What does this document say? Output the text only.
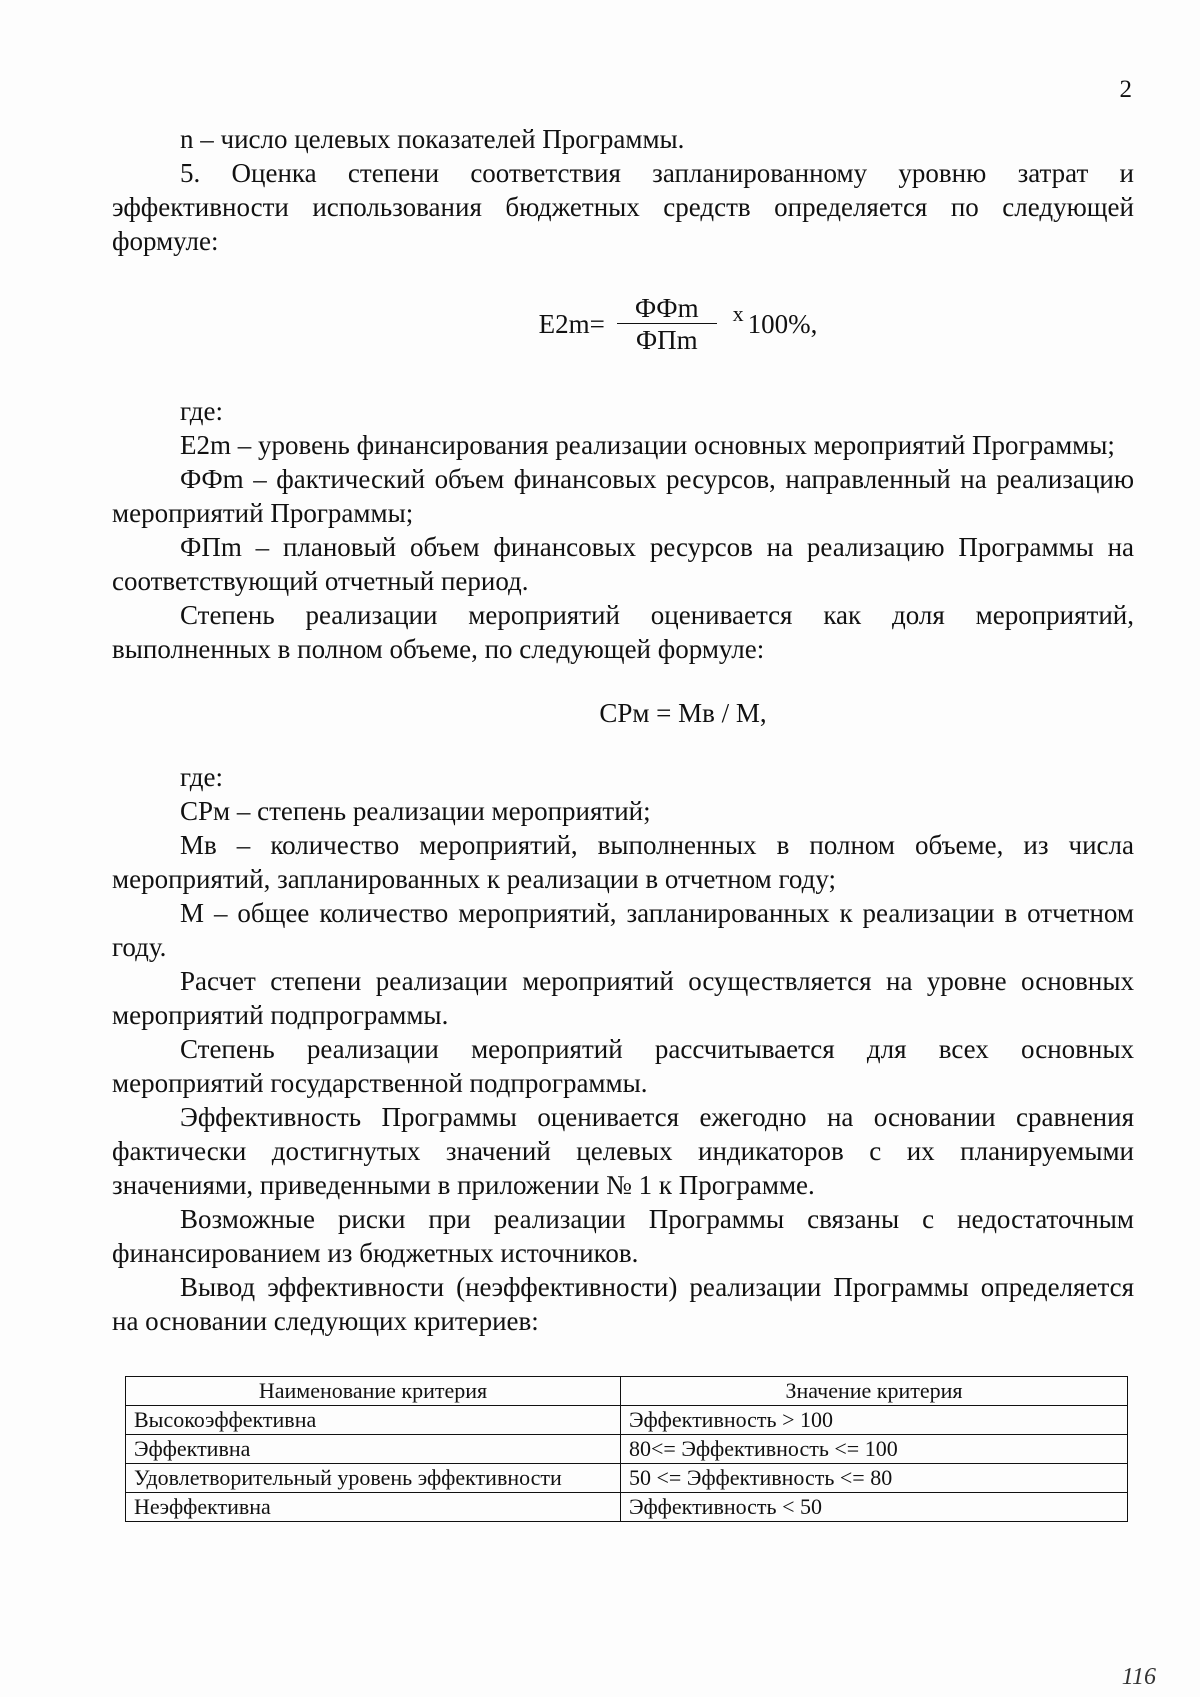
2

n – число целевых показателей Программы.

5. Оценка степени соответствия запланированному уровню затрат и эффективности использования бюджетных средств определяется по следующей формуле:

$E2m= \frac{\text{ФФm}}{\text{ФПm}}$ x 100%,

где:

E2m – уровень финансирования реализации основных мероприятий Программы;

ФФm – фактический объем финансовых ресурсов, направленный на реализацию мероприятий Программы;

ФПm – плановый объем финансовых ресурсов на реализацию Программы на соответствующий отчетный период.

Степень реализации мероприятий оценивается как доля мероприятий, выполненных в полном объеме, по следующей формуле:

СРм = Мв / М,

где:

СРм – степень реализации мероприятий;

Мв – количество мероприятий, выполненных в полном объеме, из числа мероприятий, запланированных к реализации в отчетном году;

М – общее количество мероприятий, запланированных к реализации в отчетном году.

Расчет степени реализации мероприятий осуществляется на уровне основных мероприятий подпрограммы.

Степень реализации мероприятий рассчитывается для всех основных мероприятий государственной подпрограммы.

Эффективность Программы оценивается ежегодно на основании сравнения фактически достигнутых значений целевых индикаторов с их планируемыми значениями, приведенными в приложении № 1 к Программе.

Возможные риски при реализации Программы связаны с недостаточным финансированием из бюджетных источников.

Вывод эффективности (неэффективности) реализации Программы определяется на основании следующих критериев:

Наименование критерия	Значение критерия
Высокоэффективна	Эффективность > 100
Эффективна	80<= Эффективность <= 100
Удовлетворительный уровень эффективности	50 <= Эффективность <= 80
Неэффективна	Эффективность < 50
116
